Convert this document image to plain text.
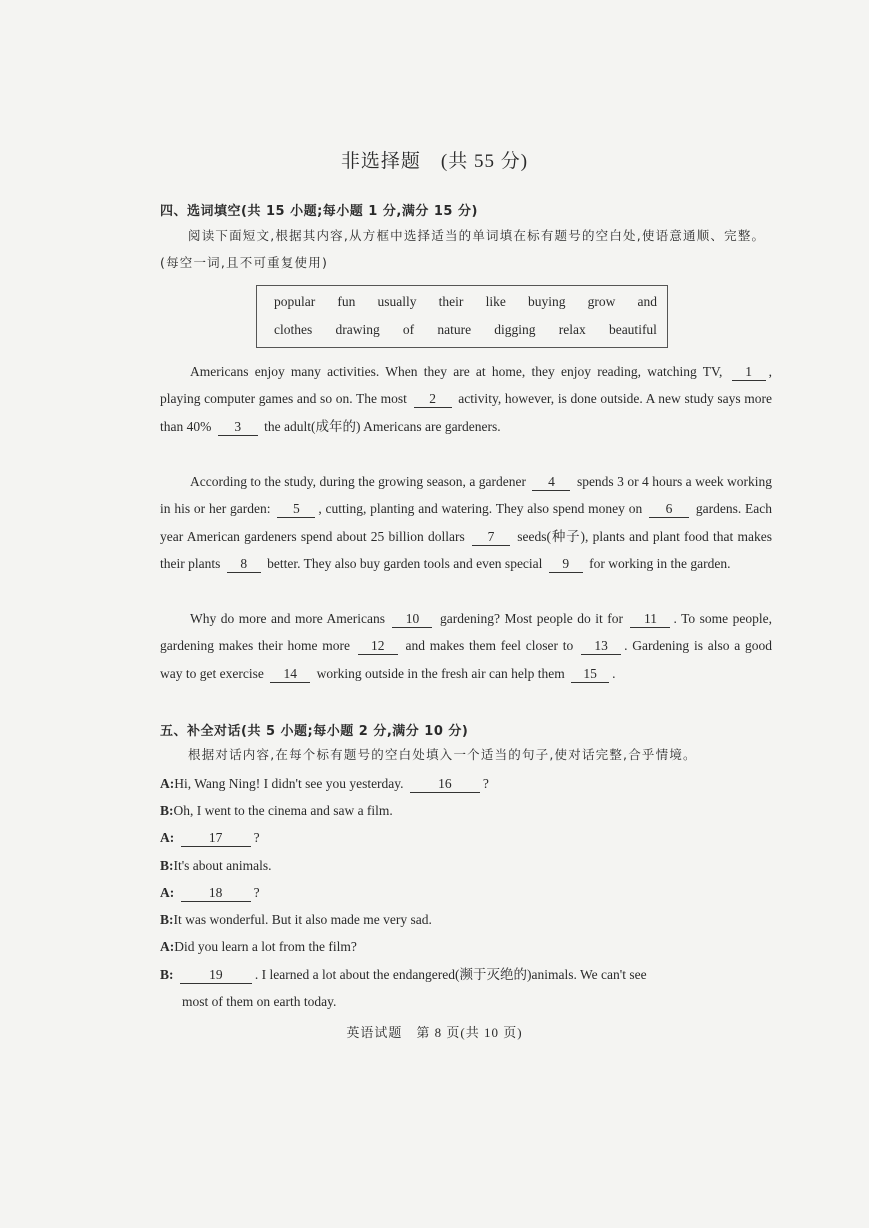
非选择题　(共 55 分)
四、选词填空(共 15 小题;每小题 1 分,满分 15 分)
阅读下面短文,根据其内容,从方框中选择适当的单词填在标有题号的空白处,使语意通顺、完整。(每空一词,且不可重复使用)
popular fun usually their like buying grow and
clothes drawing of nature digging relax beautiful
Americans enjoy many activities. When they are at home, they enjoy reading, watching TV, 1 , playing computer games and so on. The most 2 activity, however, is done outside. A new study says more than 40% 3 the adult(成年的) Americans are gardeners.
According to the study, during the growing season, a gardener 4 spends 3 or 4 hours a week working in his or her garden: 5 , cutting, planting and watering. They also spend money on 6 gardens. Each year American gardeners spend about 25 billion dollars 7 seeds(种子), plants and plant food that makes their plants 8 better. They also buy garden tools and even special 9 for working in the garden.
Why do more and more Americans 10 gardening? Most people do it for 11 . To some people, gardening makes their home more 12 and makes them feel closer to 13 . Gardening is also a good way to get exercise 14 working outside in the fresh air can help them 15 .
五、补全对话(共 5 小题;每小题 2 分,满分 10 分)
根据对话内容,在每个标有题号的空白处填入一个适当的句子,使对话完整,合乎情境。
A:Hi, Wang Ning! I didn't see you yesterday.	16 ?
B:Oh, I went to the cinema and saw a film.
A:	17 ?
B:It's about animals.
A:	18 ?
B:It was wonderful. But it also made me very sad.
A:Did you learn a lot from the film?
B:	19 . I learned a lot about the endangered(濒于灭绝的)animals. We can't see
most of them on earth today.
英语试题　第 8 页(共 10 页)
